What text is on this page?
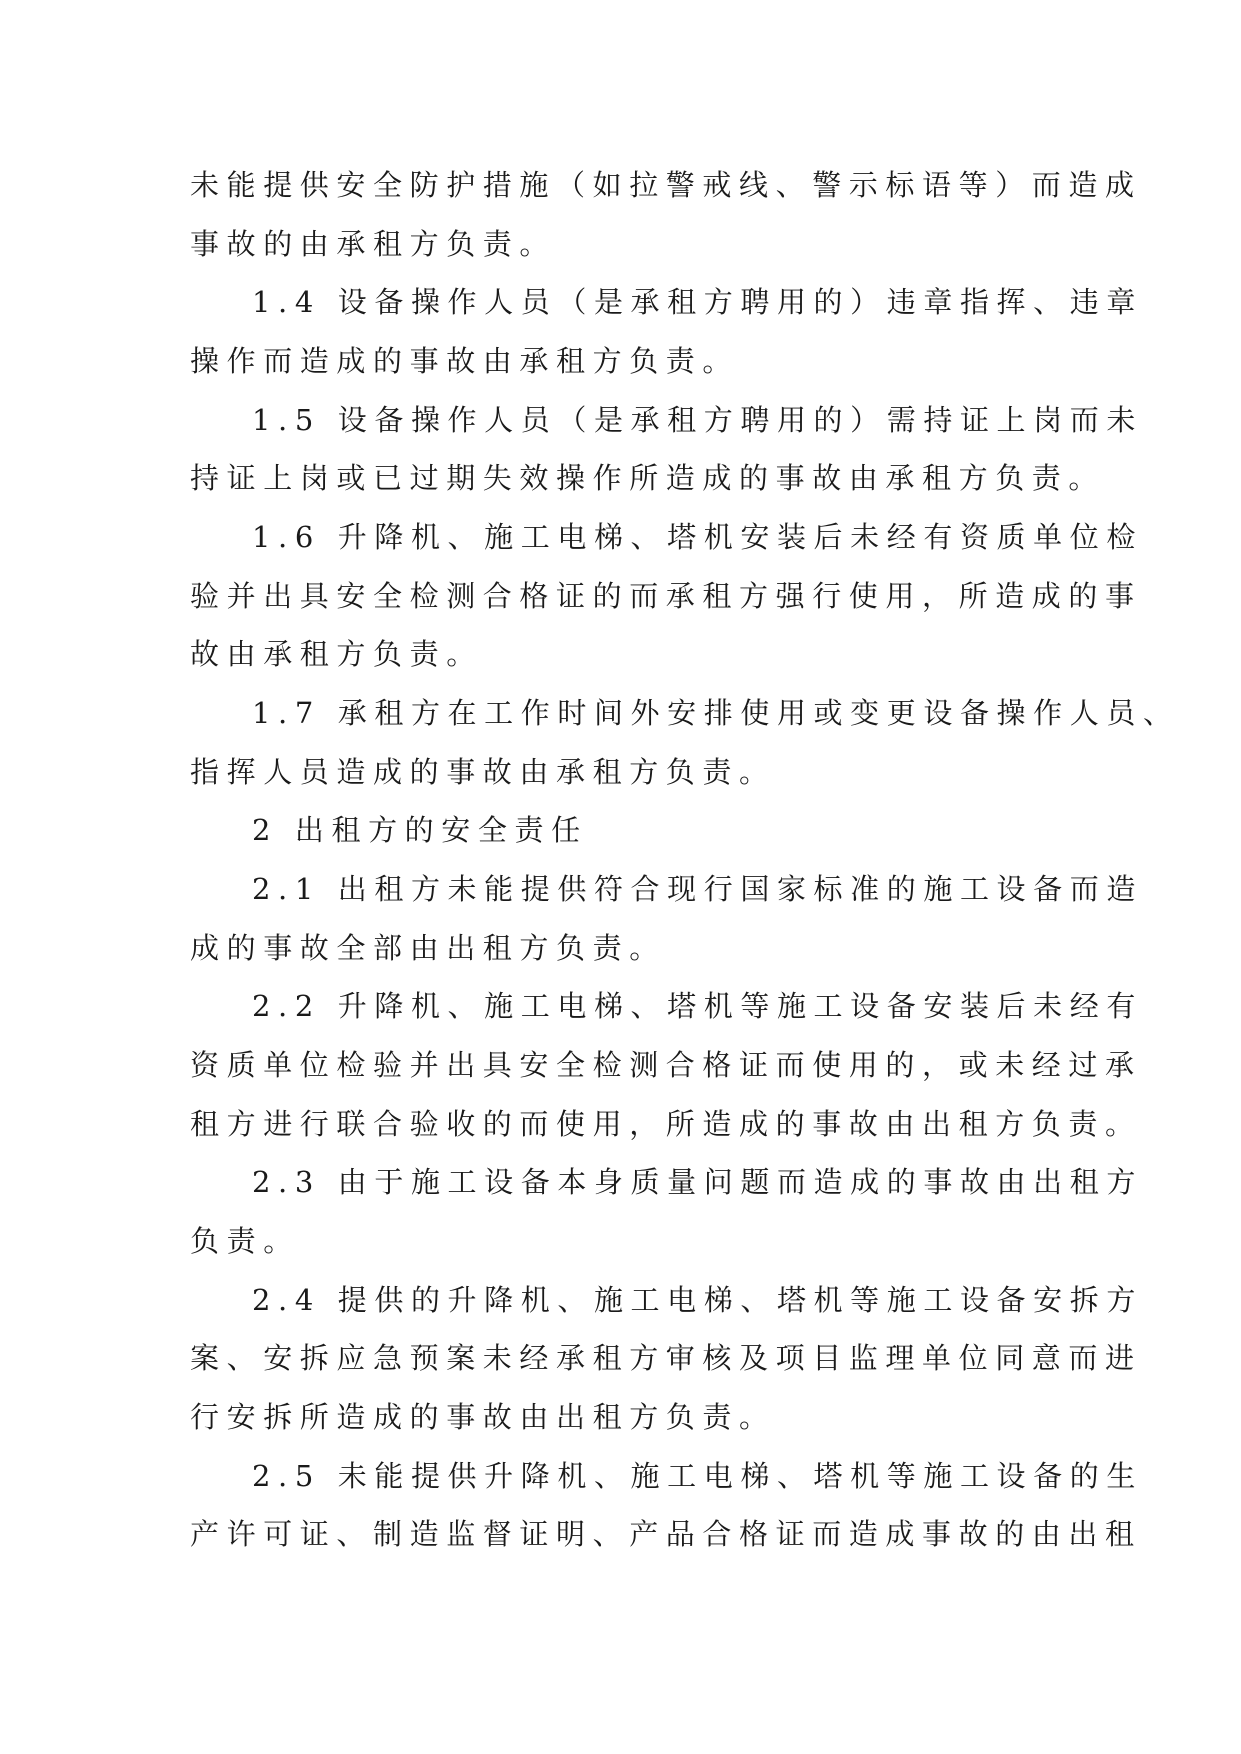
未能提供安全防护措施（如拉警戒线、警示标语等）而造成
事故的由承租方负责。
1.4 设备操作人员（是承租方聘用的）违章指挥、违章
操作而造成的事故由承租方负责。
1.5 设备操作人员（是承租方聘用的）需持证上岗而未
持证上岗或已过期失效操作所造成的事故由承租方负责。
1.6 升降机、施工电梯、塔机安装后未经有资质单位检
验并出具安全检测合格证的而承租方强行使用，所造成的事
故由承租方负责。
1.7 承租方在工作时间外安排使用或变更设备操作人员、
指挥人员造成的事故由承租方负责。
2 出租方的安全责任
2.1 出租方未能提供符合现行国家标准的施工设备而造
成的事故全部由出租方负责。
2.2 升降机、施工电梯、塔机等施工设备安装后未经有
资质单位检验并出具安全检测合格证而使用的，或未经过承
租方进行联合验收的而使用，所造成的事故由出租方负责。
2.3 由于施工设备本身质量问题而造成的事故由出租方
负责。
2.4 提供的升降机、施工电梯、塔机等施工设备安拆方
案、安拆应急预案未经承租方审核及项目监理单位同意而进
行安拆所造成的事故由出租方负责。
2.5 未能提供升降机、施工电梯、塔机等施工设备的生
产许可证、制造监督证明、产品合格证而造成事故的由出租
